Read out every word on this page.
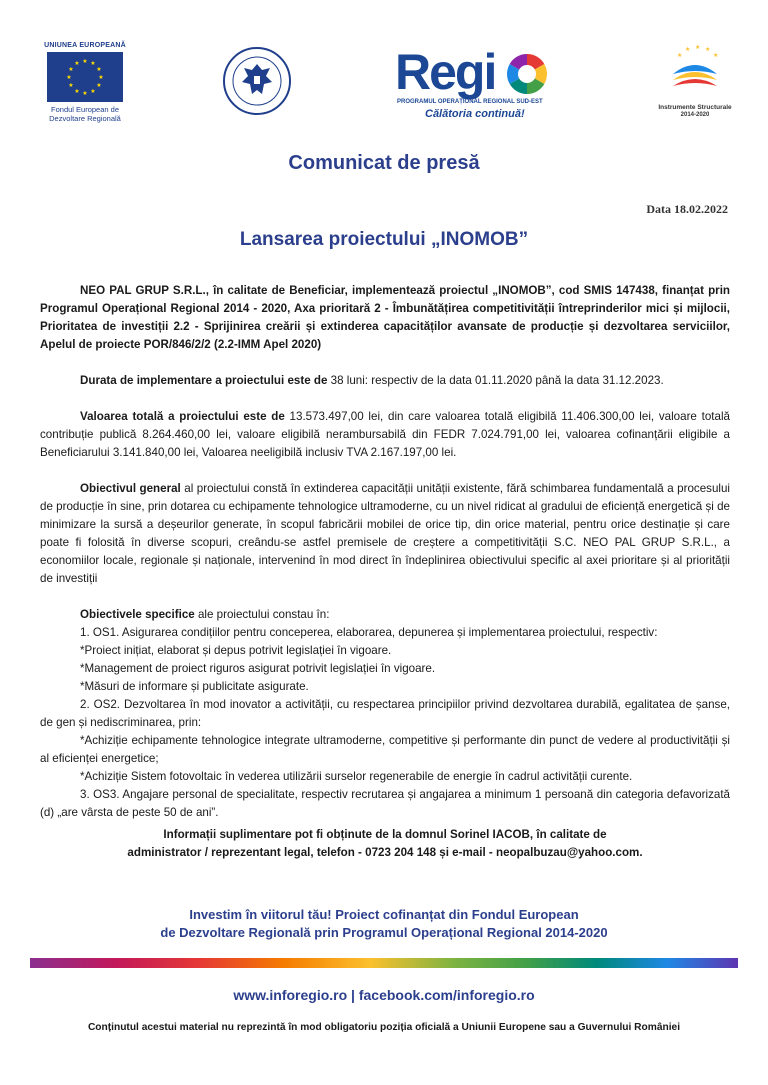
UNIUNEA EUROPEANĂ
★ ★
★
★
★
★
★
★
★
★
★
★
Fondul European de
Dezvoltare Regională
Regi
PROGRAMUL OPERAȚIONAL REGIONAL SUD-EST
Călătoria continuă!
★ ★ ★
★	★
Instrumente Structurale
2014-2020
Comunicat de presă
Data 18.02.2022
Lansarea proiectului „INOMOB”

NEO PAL GRUP S.R.L., în calitate de Beneficiar, implementează proiectul „INOMOB”, cod SMIS 147438, finanțat prin Programul Operațional Regional 2014 - 2020, Axa prioritară 2 - Îmbunătățirea competitivității întreprinderilor mici și mijlocii, Prioritatea de investiții 2.2 - Sprijinirea creării și extinderea capacităților avansate de producție și dezvoltarea serviciilor, Apelul de proiecte POR/846/2/2 (2.2-IMM Apel 2020)

Durata de implementare a proiectului este de 38 luni: respectiv de la data 01.11.2020 până la data 31.12.2023.

Valoarea totală a proiectului este de 13.573.497,00 lei, din care valoarea totală eligibilă 11.406.300,00 lei, valoare totală contribuție publică 8.264.460,00 lei, valoare eligibilă nerambursabilă din FEDR 7.024.791,00 lei, valoarea cofinanțării eligibile a Beneficiarului 3.141.840,00 lei, Valoarea neeligibilă inclusiv TVA 2.167.197,00 lei.

Obiectivul general al proiectului constă în extinderea capacității unității existente, fără schimbarea fundamentală a procesului de producție în sine, prin dotarea cu echipamente tehnologice ultramoderne, cu un nivel ridicat al gradului de eficiență energetică și de minimizare la sursă a deșeurilor generate, în scopul fabricării mobilei de orice tip, din orice material, pentru orice destinație și care poate fi folosită în diverse scopuri, creându-se astfel premisele de creștere a competitivității S.C. NEO PAL GRUP S.R.L., a economiilor locale, regionale și naționale, intervenind în mod direct în îndeplinirea obiectivului specific al axei prioritare și al priorității de investiții

Obiectivele specifice ale proiectului constau în:

1. OS1. Asigurarea condițiilor pentru conceperea, elaborarea, depunerea și implementarea proiectului, respectiv:

*Proiect inițiat, elaborat și depus potrivit legislației în vigoare.

*Management de proiect riguros asigurat potrivit legislației în vigoare.

*Măsuri de informare și publicitate asigurate.

2. OS2. Dezvoltarea în mod inovator a activității, cu respectarea principiilor privind dezvoltarea durabilă, egalitatea de șanse, de gen și nediscriminarea, prin:

*Achiziție echipamente tehnologice integrate ultramoderne, competitive și performante din punct de vedere al productivității și al eficienței energetice;

*Achiziție Sistem fotovoltaic în vederea utilizării surselor regenerabile de energie în cadrul activității curente.

3. OS3. Angajare personal de specialitate, respectiv recrutarea și angajarea a minimum 1 persoană din categoria defavorizată (d) „are vârsta de peste 50 de ani”.

Informații suplimentare pot fi obținute de la domnul Sorinel IACOB, în calitate de
administrator / reprezentant legal, telefon - 0723 204 148 și e-mail - neopalbuzau@yahoo.com.
Investim în viitorul tău! Proiect cofinanțat din Fondul European
de Dezvoltare Regională prin Programul Operațional Regional 2014-2020
www.inforegio.ro | facebook.com/inforegio.ro
Conținutul acestui material nu reprezintă în mod obligatoriu poziția oficială a Uniunii Europene sau a Guvernului României
